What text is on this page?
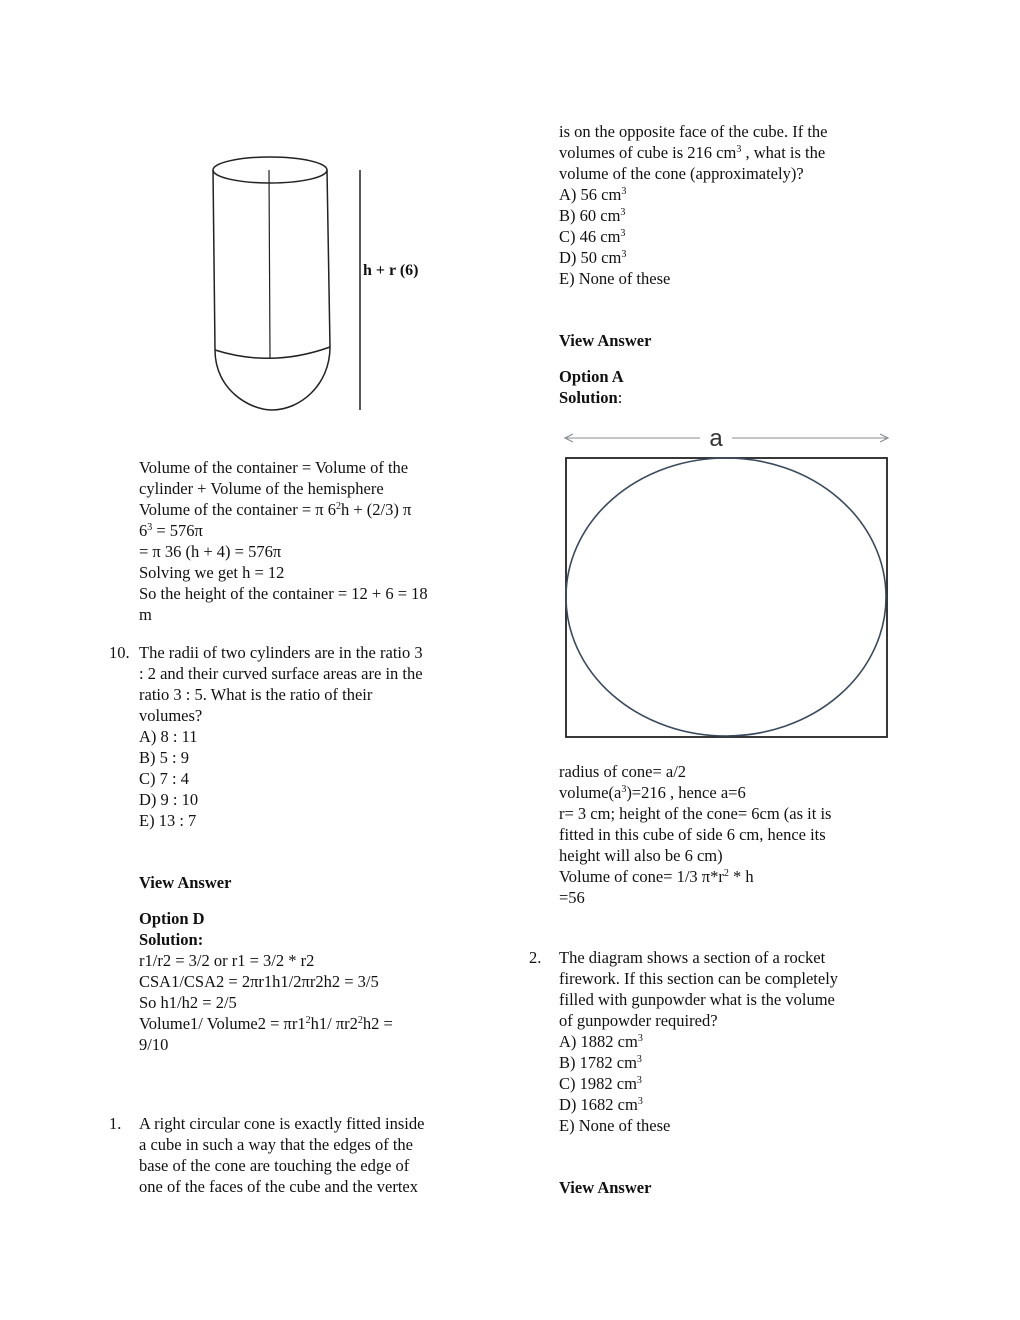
h + r (6)
Volume of the container = Volume of the
cylinder + Volume of the hemisphere
Volume of the container = π $6^2h + (2/3)$ π
$6^3 = 576\pi$
= π 36 (h + 4) = 576π
Solving we get h = 12
So the height of the container = 12 + 6 = 18
m
10. The radii of two cylinders are in the ratio 3
: 2 and their curved surface areas are in the
ratio 3 : 5. What is the ratio of their
volumes?
A) 8 : 11
B) 5 : 9
C) 7 : 4
D) 9 : 10
E) 13 : 7
View Answer
Option D
Solution:
r1/r2 = 3/2 or r1 = 3/2 * r2
CSA1/CSA2 = 2πr1h1/2πr2h2 = 3/5
So h1/h2 = 2/5
Volume1/ Volume2 = $\pi r1^2h1/$ $\pi r2^2h2$ =
9/10
1. A right circular cone is exactly fitted inside
a cube in such a way that the edges of the
base of the cone are touching the edge of
one of the faces of the cube and the vertex
is on the opposite face of the cube. If the
volumes of cube is 216 $cm^3$ , what is the
volume of the cone (approximately)?
A) 56 $cm^3$
B) 60 $cm^3$
C) 46 $cm^3$
D) 50 $cm^3$
E) None of these
View Answer
Option A
Solution:
a
radius of cone= a/2
$volume(a^3)=216$ , hence a=6
r= 3 cm; height of the cone= 6cm (as it is
fitted in this cube of side 6 cm, hence its
height will also be 6 cm)
Volume of cone= 1/3 $\pi*r^2$ * h
=56
2. The diagram shows a section of a rocket
firework. If this section can be completely
filled with gunpowder what is the volume
of gunpowder required?
A) 1882 $cm^3$
B) 1782 $cm^3$
C) 1982 $cm^3$
D) 1682 $cm^3$
E) None of these
View Answer
